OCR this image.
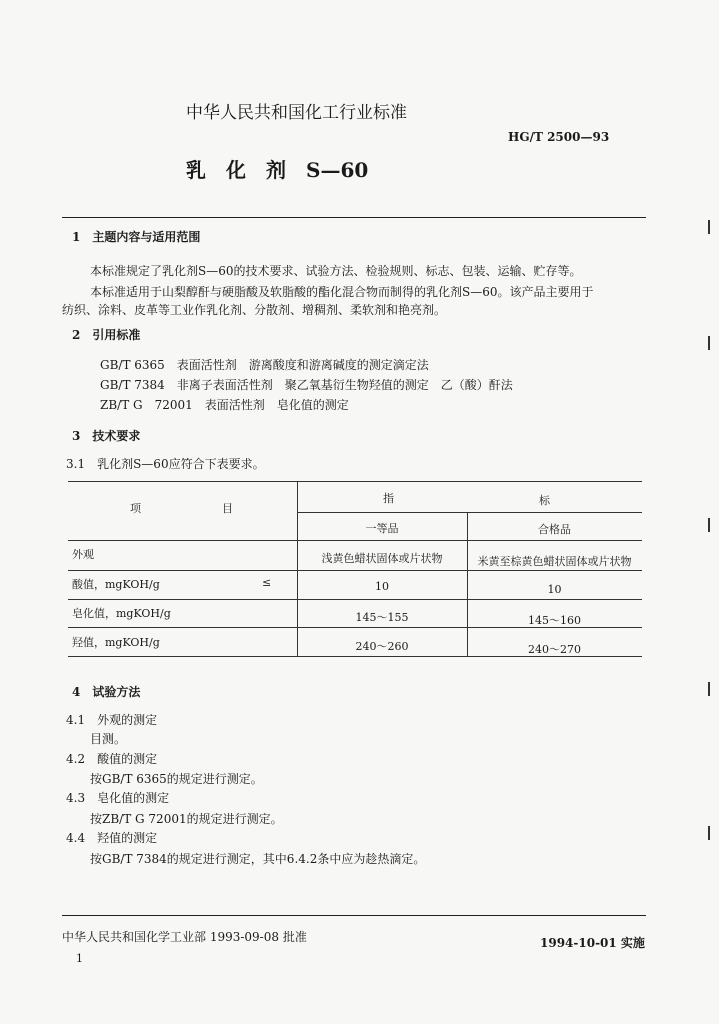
中华人民共和国化工行业标准
HG/T 2500—93
乳　化　剂　S—60
1　主题内容与适用范围
本标准规定了乳化剂S—60的技术要求、试验方法、检验规则、标志、包装、运输、贮存等。
本标准适用于山梨醇酐与硬脂酸及软脂酸的酯化混合物而制得的乳化剂S—60。该产品主要用于
纺织、涂料、皮革等工业作乳化剂、分散剂、增稠剂、柔软剂和艳亮剂。
2　引用标准
GB/T 6365　表面活性剂　游离酸度和游离碱度的测定滴定法
GB/T 7384　非离子表面活性剂　聚乙氧基衍生物羟值的测定　乙（酸）酐法
ZB/T G　72001　表面活性剂　皂化值的测定
3　技术要求
3.1　乳化剂S—60应符合下表要求。
项	目
指	标
一等品	合格品
外观	浅黄色蜡状固体或片状物	米黄至棕黄色蜡状固体或片状物
酸值，mgKOH/g	≤	10	10
皂化值，mgKOH/g	145～155	145～160
羟值，mgKOH/g	240～260	240～270
4　试验方法
4.1　外观的测定
目测。
4.2　酸值的测定
按GB/T 6365的规定进行测定。
4.3　皂化值的测定
按ZB/T G 72001的规定进行测定。
4.4　羟值的测定
按GB/T 7384的规定进行测定，其中6.4.2条中应为趁热滴定。
中华人民共和国化学工业部 1993-09-08 批准	1994-10-01 实施
1
